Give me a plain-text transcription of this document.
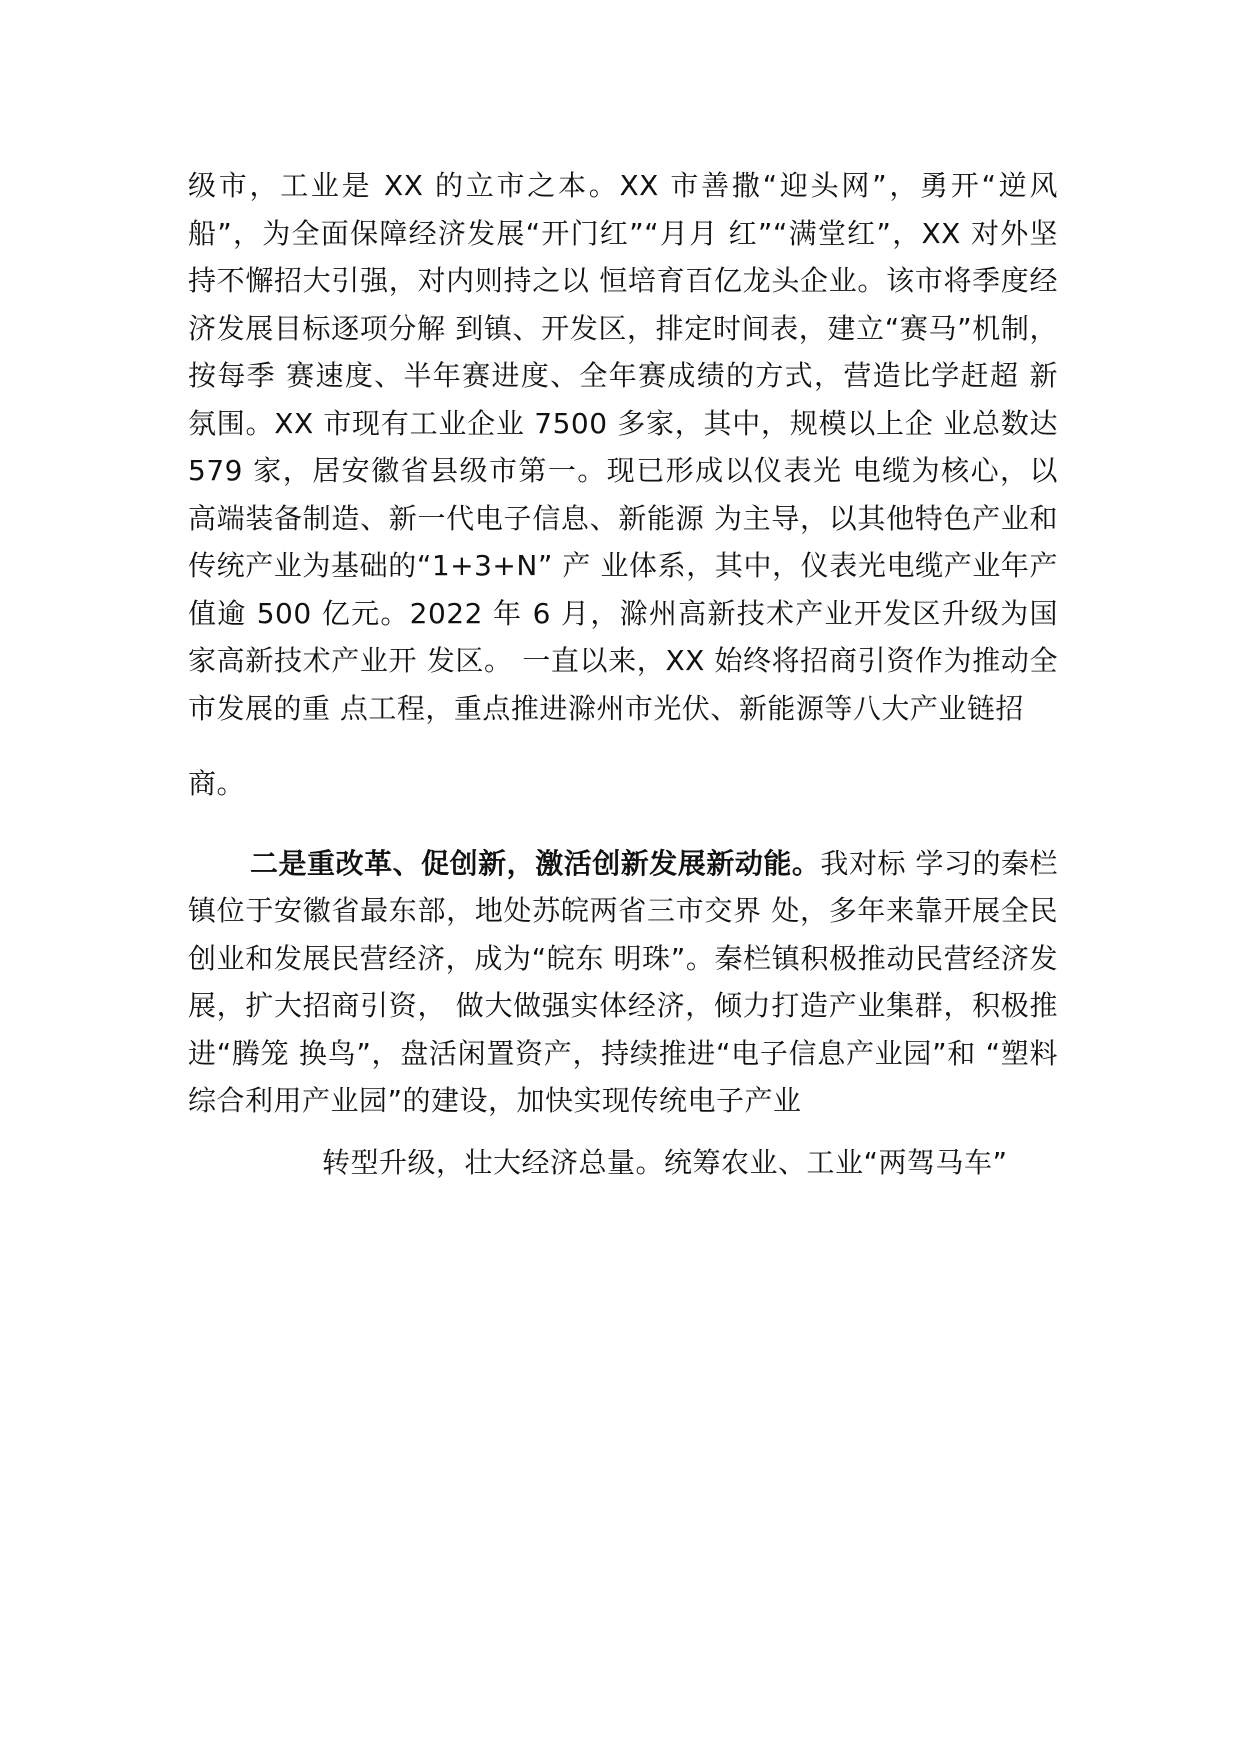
级市，工业是 XX 的立市之本。XX 市善撒“迎头网”，勇开“逆风船”，为全面保障经济发展“开门红”“月月 红”“满堂红”，XX 对外坚持不懈招大引强，对内则持之以 恒培育百亿龙头企业。该市将季度经济发展目标逐项分解 到镇、开发区，排定时间表，建立“赛马”机制，按每季 赛速度、半年赛进度、全年赛成绩的方式，营造比学赶超 新氛围。XX 市现有工业企业 7500 多家，其中，规模以上企 业总数达 579 家，居安徽省县级市第一。现已形成以仪表光 电缆为核心，以高端装备制造、新一代电子信息、新能源 为主导，以其他特色产业和传统产业为基础的“1+3+N” 产 业体系，其中，仪表光电缆产业年产值逾 500 亿元。2022 年 6 月，滁州高新技术产业开发区升级为国家高新技术产业开 发区。 一直以来，XX 始终将招商引资作为推动全市发展的重 点工程，重点推进滁州市光伏、新能源等八大产业链招

商。

二是重改革、促创新，激活创新发展新动能。我对标 学习的秦栏镇位于安徽省最东部，地处苏皖两省三市交界 处，多年来靠开展全民创业和发展民营经济，成为“皖东 明珠”。秦栏镇积极推动民营经济发展，扩大招商引资， 做大做强实体经济，倾力打造产业集群，积极推进“腾笼 换鸟”，盘活闲置资产，持续推进“电子信息产业园”和 “塑料综合利用产业园”的建设，加快实现传统电子产业

转型升级，壮大经济总量。统筹农业、工业“两驾马车”
